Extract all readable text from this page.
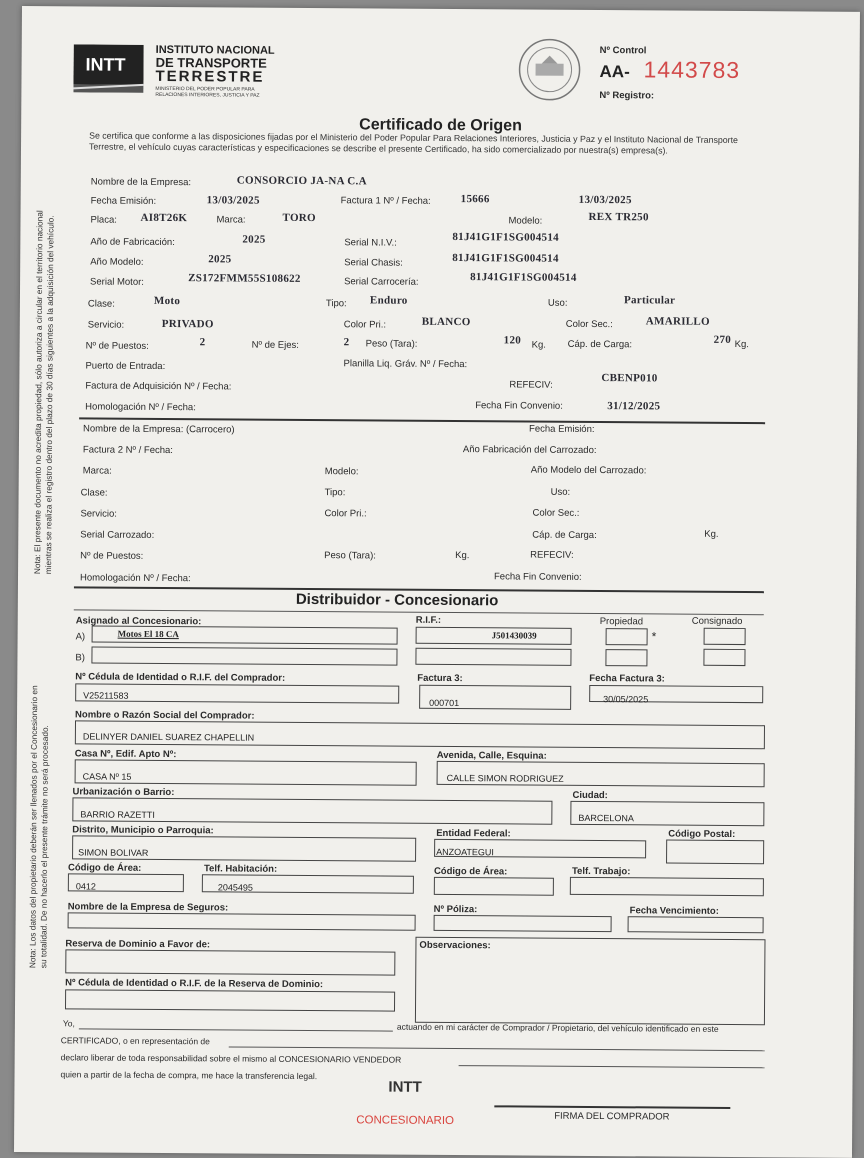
INTT
INSTITUTO NACIONAL
DE TRANSPORTE
TERRESTRE
MINISTERIO DEL PODER POPULAR PARA
RELACIONES INTERIORES, JUSTICIA Y PAZ
Nº Control
AA- 1443783
Nº Registro:
Certificado de Origen
Se certifica que conforme a las disposiciones fijadas por el Ministerio del Poder Popular Para Relaciones Interiores, Justicia y Paz y el Instituto Nacional de Transporte Terrestre, el vehículo cuyas características y especificaciones se describe el presente Certificado, ha sido comercializado por nuestra(s) empresa(s).
Nota: El presente documento no acredita propiedad, sólo autoriza a circular en el territorio nacional
mientras se realiza el registro dentro del plazo de 30 días siguientes a la adquisición del vehículo.
Nota: Los datos del propietario deberán ser llenados por el Concesionario en su totalidad. De no hacerlo el presente trámite no será procesado.
Nombre de la Empresa:	CONSORCIO JA-NA C.A
Fecha Emisión:	13/03/2025	Factura 1 Nº / Fecha:	15666	13/03/2025
Placa: AI8T26K	Marca:	TORO	Modelo:	REX TR250
Año de Fabricación:	2025	Serial N.I.V.:	81J41G1F1SG004514
Año Modelo:	2025	Serial Chasis:	81J41G1F1SG004514
Serial Motor:	ZS172FMM55S108622	Serial Carrocería:	81J41G1F1SG004514
Clase:	Moto	Tipo: Enduro	Uso:	Particular
Servicio:	PRIVADO	Color Pri.:	BLANCO	Color Sec.:	AMARILLO
Nº de Puestos:	2	Nº de Ejes:	2 Peso (Tara):	120 Kg. Cáp. de Carga:	270 Kg.
Puerto de Entrada:	Planilla Liq. Gráv. Nº / Fecha:
Factura de Adquisición Nº / Fecha:	REFECIV:
CBENP010
Homologación Nº / Fecha:	Fecha Fin Convenio:	31/12/2025
Nombre de la Empresa: (Carrocero)	Fecha Emisión:
Factura 2 Nº / Fecha:	Año Fabricación del Carrozado:
Marca:	Modelo:	Año Modelo del Carrozado:
Clase:	Tipo:	Uso:
Servicio:	Color Pri.:	Color Sec.:
Serial Carrozado:	Cáp. de Carga:	Kg.
Nº de Puestos:	Peso (Tara):	Kg.	REFECIV:
Homologación Nº / Fecha:	Fecha Fin Convenio:
Distribuidor - Concesionario
Asignado al Concesionario:	R.I.F.:	Propiedad	Consignado
A)	Motos El 18 CA	J501430039	*
B)
Nº Cédula de Identidad o R.I.F. del Comprador:
V25211583
Factura 3:
000701
Fecha Factura 3:
30/05/2025
Nombre o Razón Social del Comprador:
DELINYER DANIEL SUAREZ CHAPELLIN
Casa Nº, Edif. Apto Nº:
CASA Nº 15
Avenida, Calle, Esquina:
CALLE SIMON RODRIGUEZ
Urbanización o Barrio:
BARRIO RAZETTI
Ciudad:
BARCELONA
Distrito, Municipio o Parroquia:
SIMON BOLIVAR
Entidad Federal:
ANZOATEGUI
Código Postal:
Código de Área:
0412
Telf. Habitación:
2045495
Código de Área:	Telf. Trabajo:
Nombre de la Empresa de Seguros:	Nº Póliza:	Fecha Vencimiento:
Reserva de Dominio a Favor de:	Observaciones:
Nº Cédula de Identidad o R.I.F. de la Reserva de Dominio:
Yo,	actuando en mi carácter de Comprador / Propietario, del vehículo identificado en este
CERTIFICADO, o en representación de
declaro liberar de toda responsabilidad sobre el mismo al CONCESIONARIO VENDEDOR
quien a partir de la fecha de compra, me hace la transferencia legal.
INTT
FIRMA DEL COMPRADOR
CONCESIONARIO
